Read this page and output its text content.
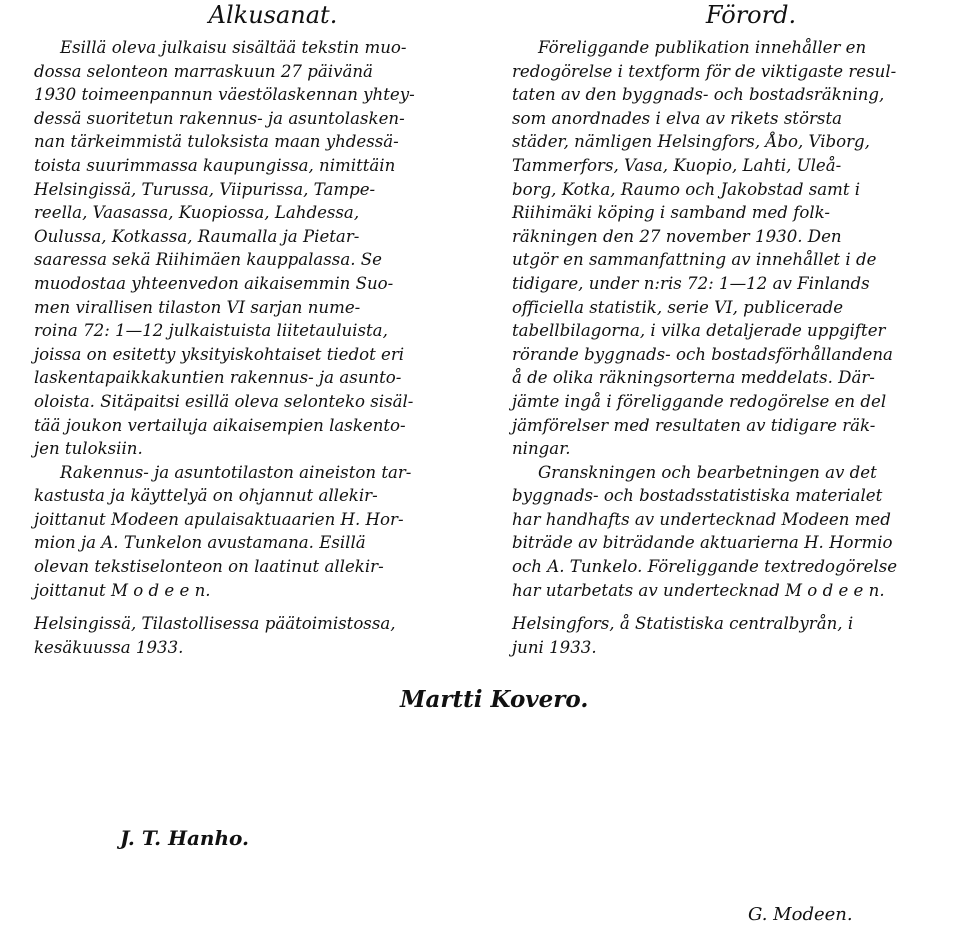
Alkusanat.

Esillä oleva julkaisu sisältää tekstin muo-
dossa selonteon marraskuun 27 päivänä
1930 toimeenpannun väestölaskennan yhtey-
dessä suoritetun rakennus- ja asuntolasken-
nan tärkeimmistä tuloksista maan yhdessä-
toista suurimmassa kaupungissa, nimittäin
Helsingissä, Turussa, Viipurissa, Tampe-
reella, Vaasassa, Kuopiossa, Lahdessa,
Oulussa, Kotkassa, Raumalla ja Pietar-
saaressa sekä Riihimäen kauppalassa. Se
muodostaa yhteenvedon aikaisemmin Suo-
men virallisen tilaston VI sarjan nume-
roina 72: 1—12 julkaistuista liitetauluista,
joissa on esitetty yksityiskohtaiset tiedot eri
laskentapaikkakuntien rakennus- ja asunto-
oloista. Sitäpaitsi esillä oleva selonteko sisäl-
tää joukon vertailuja aikaisempien laskento-
jen tuloksiin.

Rakennus- ja asuntotilaston aineiston tar-
kastusta ja käyttelyä on ohjannut allekir-
joittanut Modeen apulaisaktuaarien H. Hor-
mion ja A. Tunkelon avustamana. Esillä
olevan tekstiselonteon on laatinut allekir-
joittanut M o d e e n.

Helsingissä, Tilastollisessa päätoimistossa,
kesäkuussa 1933.

Förord.

Föreliggande publikation innehåller en
redogörelse i textform för de viktigaste resul-
taten av den byggnads- och bostadsräkning,
som anordnades i elva av rikets största
städer, nämligen Helsingfors, Åbo, Viborg,
Tammerfors, Vasa, Kuopio, Lahti, Uleå-
borg, Kotka, Raumo och Jakobstad samt i
Riihimäki köping i samband med folk-
räkningen den 27 november 1930. Den
utgör en sammanfattning av innehållet i de
tidigare, under n:ris 72: 1—12 av Finlands
officiella statistik, serie VI, publicerade
tabellbilagorna, i vilka detaljerade uppgifter
rörande byggnads- och bostadsförhållandena
å de olika räkningsorterna meddelats. Där-
jämte ingå i föreliggande redogörelse en del
jämförelser med resultaten av tidigare räk-
ningar.

Granskningen och bearbetningen av det
byggnads- och bostadsstatistiska materialet
har handhafts av undertecknad Modeen med
biträde av biträdande aktuarierna H. Hormio
och A. Tunkelo. Föreliggande textredogörelse
har utarbetats av undertecknad M o d e e n.

Helsingfors, å Statistiska centralbyrån, i
juni 1933.

Martti Kovero.
J. T. Hanho.
G. Modeen.
